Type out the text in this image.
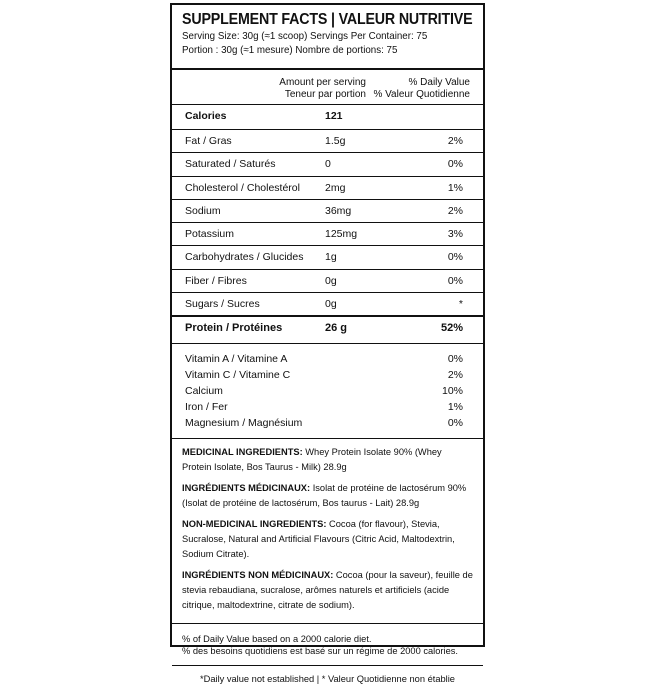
SUPPLEMENT FACTS | VALEUR NUTRITIVE
Serving Size: 30g (≈1 scoop) Servings Per Container: 75
Portion : 30g (≈1 mesure) Nombre de portions: 75
Amount per serving
Teneur par portion
% Daily Value
% Valeur Quotidienne
Calories	121
Fat / Gras	1.5g	2%
Saturated / Saturés	0	0%
Cholesterol / Cholestérol 2mg	1%
Sodium	36mg	2%
Potassium	125mg	3%
Carbohydrates / Glucides 1g	0%
Fiber / Fibres	0g	0%
Sugars / Sucres	0g	*
Protein / Protéines	26 g	52%
Vitamin A / Vitamine A	0%
Vitamin C / Vitamine C	2%
Calcium	10%
Iron / Fer	1%
Magnesium / Magnésium	0%

MEDICINAL INGREDIENTS: Whey Protein Isolate 90% (Whey Protein Isolate, Bos Taurus - Milk) 28.9g

INGRÉDIENTS MÉDICINAUX: Isolat de protéine de lactosérum 90% (Isolat de protéine de lactosérum, Bos taurus - Lait) 28.9g

NON-MEDICINAL INGREDIENTS: Cocoa (for flavour), Stevia, Sucralose, Natural and Artificial Flavours (Citric Acid, Maltodextrin, Sodium Citrate).

INGRÉDIENTS NON MÉDICINAUX: Cocoa (pour la saveur), feuille de stevia rebaudiana, sucralose, arômes naturels et artificiels (acide citrique, maltodextrine, citrate de sodium).

% of Daily Value based on a 2000 calorie diet.
% des besoins quotidiens est basé sur un régime de 2000 calories.
*Daily value not established | * Valeur Quotidienne non établie
